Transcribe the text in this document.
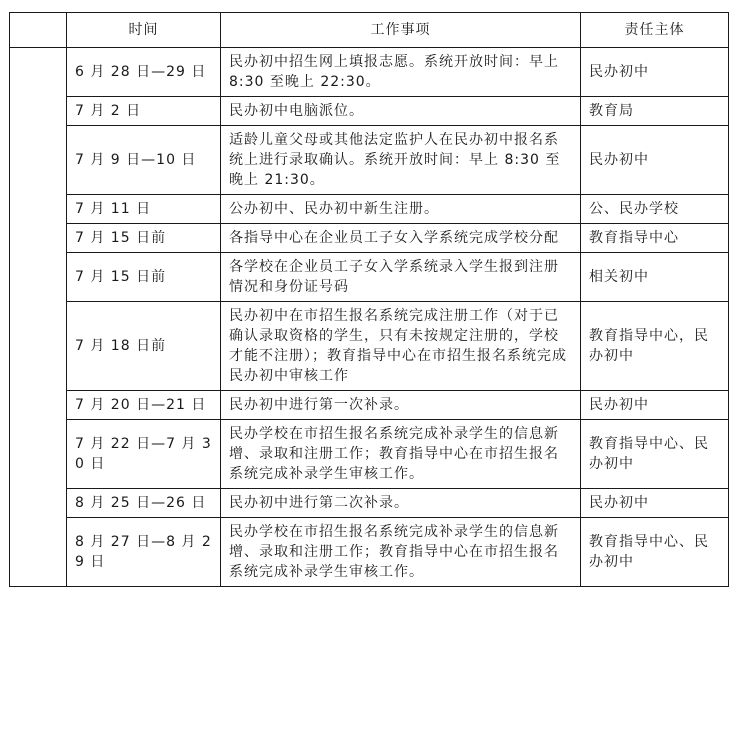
	时间	工作事项	责任主体
	6 月 28 日—29 日	民办初中招生网上填报志愿。系统开放时间：早上 8:30 至晚上 22:30。	民办初中
	7 月 2 日	民办初中电脑派位。	教育局
	7 月 9 日—10 日	适龄儿童父母或其他法定监护人在民办初中报名系统上进行录取确认。系统开放时间：早上 8:30 至晚上 21:30。	民办初中
	7 月 11 日	公办初中、民办初中新生注册。	公、民办学校
	7 月 15 日前	各指导中心在企业员工子女入学系统完成学校分配	教育指导中心
	7 月 15 日前	各学校在企业员工子女入学系统录入学生报到注册情况和身份证号码	相关初中
	7 月 18 日前	民办初中在市招生报名系统完成注册工作（对于已确认录取资格的学生，只有未按规定注册的，学校才能不注册）；教育指导中心在市招生报名系统完成民办初中审核工作	教育指导中心，民办初中
	7 月 20 日—21 日	民办初中进行第一次补录。	民办初中
	7 月 22 日—7 月 30 日	民办学校在市招生报名系统完成补录学生的信息新增、录取和注册工作；教育指导中心在市招生报名系统完成补录学生审核工作。	教育指导中心、民办初中
	8 月 25 日—26 日	民办初中进行第二次补录。	民办初中
	8 月 27 日—8 月 29 日	民办学校在市招生报名系统完成补录学生的信息新增、录取和注册工作；教育指导中心在市招生报名系统完成补录学生审核工作。	教育指导中心、民办初中
